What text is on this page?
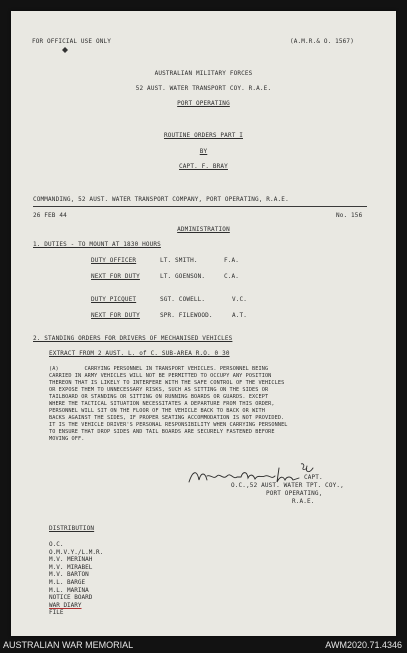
FOR OFFICIAL USE ONLY	(A.M.R.& O. 1567)
AUSTRALIAN MILITARY FORCES
52 AUST. WATER TRANSPORT COY. R.A.E.
PORT OPERATING
ROUTINE ORDERS PART I
BY
CAPT. F. BRAY
COMMANDING, 52 AUST. WATER TRANSPORT COMPANY, PORT OPERATING, R.A.E.
26 FEB 44	No. 156
ADMINISTRATION
1. DUTIES - TO MOUNT AT 1830 HOURS
DUTY OFFICER	LT. SMITH.	F.A.
NEXT FOR DUTY	LT. GOENSON.	C.A.
DUTY PICQUET	SGT. COWELL.	V.C.
NEXT FOR DUTY	SPR. FILEWOOD.	A.T.
2. STANDING ORDERS FOR DRIVERS OF MECHANISED VEHICLES
EXTRACT FROM 2 AUST. L. of C. SUB-AREA R.O. 0 30
(A)        CARRYING PERSONNEL IN TRANSPORT VEHICLES. PERSONNEL BEING
CARRIED IN ARMY VEHICLES WILL NOT BE PERMITTED TO OCCUPY ANY POSITION
THEREON THAT IS LIKELY TO INTERFERE WITH THE SAFE CONTROL OF THE VEHICLES
OR EXPOSE THEM TO UNNECESSARY RISKS, SUCH AS SITTING ON THE SIDES OR
TAILBOARD OR STANDING OR SITTING ON RUNNING BOARDS OR GUARDS. EXCEPT
WHERE THE TACTICAL SITUATION NECESSITATES A DEPARTURE FROM THIS ORDER,
PERSONNEL WILL SIT ON THE FLOOR OF THE VEHICLE BACK TO BACK OR WITH
BACKS AGAINST THE SIDES, IF PROPER SEATING ACCOMMODATION IS NOT PROVIDED.
IT IS THE VEHICLE DRIVER'S PERSONAL RESPONSIBILITY WHEN CARRYING PERSONNEL
TO ENSURE THAT DROP SIDES AND TAIL BOARDS ARE SECURELY FASTENED BEFORE
MOVING OFF.
CAPT.
O.C.,52 AUST. WATER TPT. COY.,
PORT OPERATING,
R.A.E.
DISTRIBUTION
O.C.
O.M.V.Y./L.M.R.
M.V. MERINAH
M.V. MIRABEL
M.V. BARTON
M.L. BARGE
M.L. MARINA
NOTICE BOARD
WAR DIARY
FILE
AUSTRALIAN WAR MEMORIAL	AWM2020.71.4346
